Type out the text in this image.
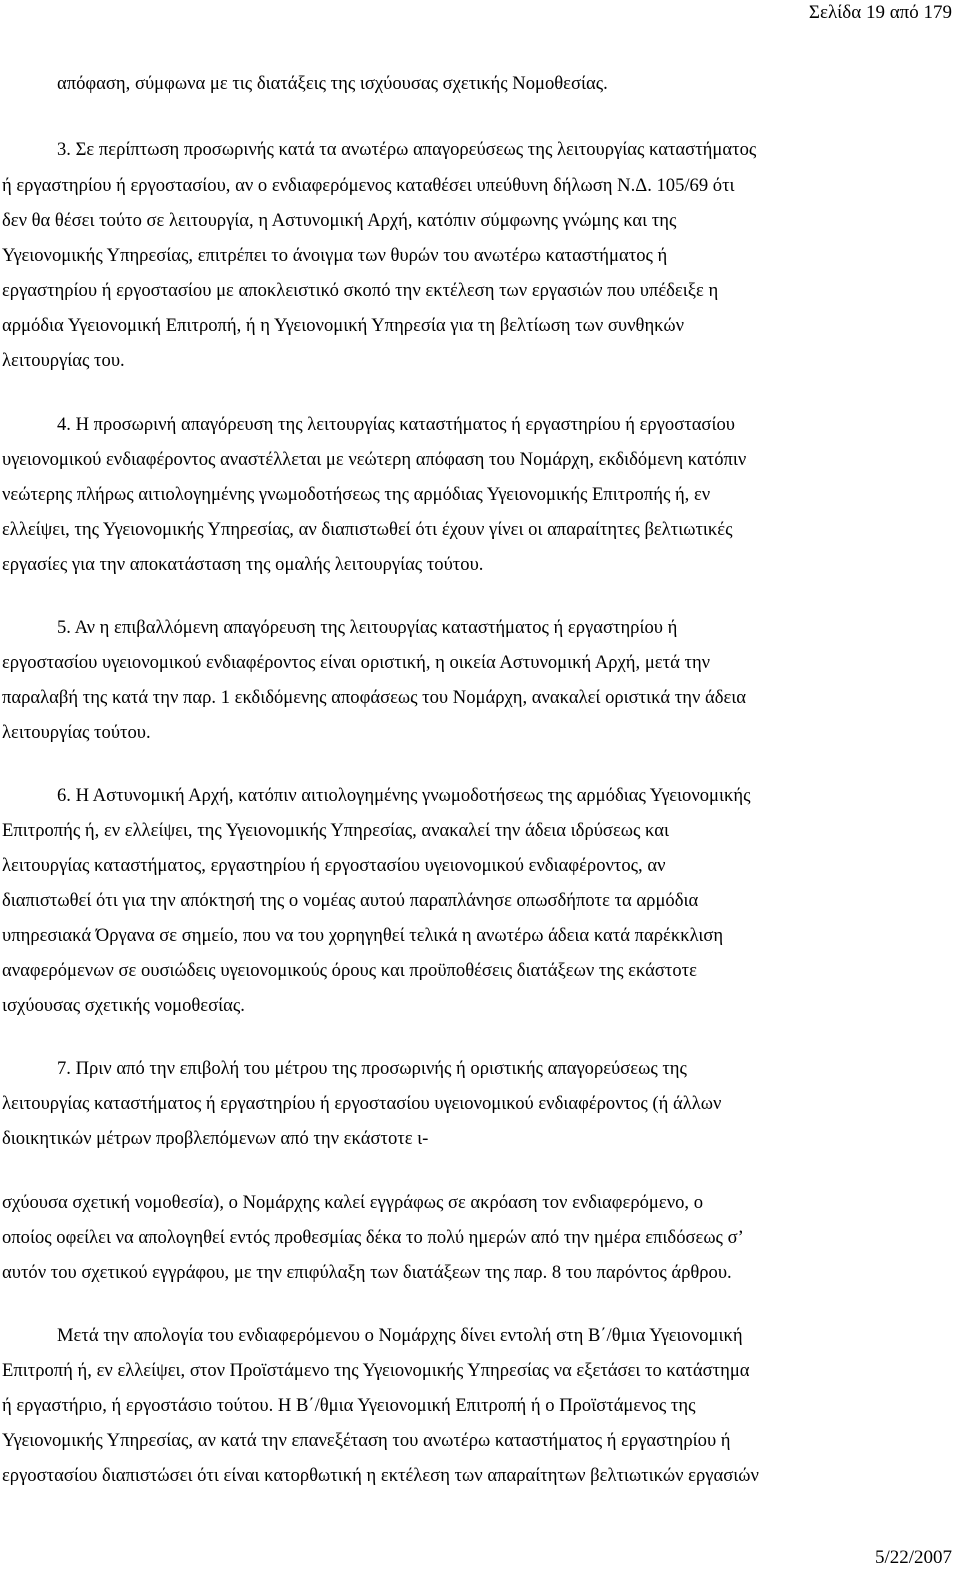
Σελίδα 19 από 179
απόφαση, σύμφωνα με τις διατάξεις της ισχύουσας σχετικής Νομοθεσίας.
3. Σε περίπτωση προσωρινής κατά τα ανωτέρω απαγορεύσεως της λειτουργίας καταστήματος
ή εργαστηρίου ή εργοστασίου, αν ο ενδιαφερόμενος καταθέσει υπεύθυνη δήλωση Ν.Δ. 105/69 ότι
δεν θα θέσει τούτο σε λειτουργία, η Αστυνομική Αρχή, κατόπιν σύμφωνης γνώμης και της
Υγειονομικής Υπηρεσίας, επιτρέπει το άνοιγμα των θυρών του ανωτέρω καταστήματος ή
εργαστηρίου ή εργοστασίου με αποκλειστικό σκοπό την εκτέλεση των εργασιών που υπέδειξε η
αρμόδια Υγειονομική Επιτροπή, ή η Υγειονομική Υπηρεσία για τη βελτίωση των συνθηκών
λειτουργίας του.
4. Η προσωρινή απαγόρευση της λειτουργίας καταστήματος ή εργαστηρίου ή εργοστασίου
υγειονομικού ενδιαφέροντος αναστέλλεται με νεώτερη απόφαση του Νομάρχη, εκδιδόμενη κατόπιν
νεώτερης πλήρως αιτιολογημένης γνωμοδοτήσεως της αρμόδιας Υγειονομικής Επιτροπής ή, εν
ελλείψει, της Υγειονομικής Υπηρεσίας, αν διαπιστωθεί ότι έχουν γίνει οι απαραίτητες βελτιωτικές
εργασίες για την αποκατάσταση της ομαλής λειτουργίας τούτου.
5. Αν η επιβαλλόμενη απαγόρευση της λειτουργίας καταστήματος ή εργαστηρίου ή
εργοστασίου υγειονομικού ενδιαφέροντος είναι οριστική, η οικεία Αστυνομική Αρχή, μετά την
παραλαβή της κατά την παρ. 1 εκδιδόμενης αποφάσεως του Νομάρχη, ανακαλεί οριστικά την άδεια
λειτουργίας τούτου.
6. Η Αστυνομική Αρχή, κατόπιν αιτιολογημένης γνωμοδοτήσεως της αρμόδιας Υγειονομικής
Επιτροπής ή, εν ελλείψει, της Υγειονομικής Υπηρεσίας, ανακαλεί την άδεια ιδρύσεως και
λειτουργίας καταστήματος, εργαστηρίου ή εργοστασίου υγειονομικού ενδιαφέροντος, αν
διαπιστωθεί ότι για την απόκτησή της ο νομέας αυτού παραπλάνησε οπωσδήποτε τα αρμόδια
υπηρεσιακά Όργανα σε σημείο, που να του χορηγηθεί τελικά η ανωτέρω άδεια κατά παρέκκλιση
αναφερόμενων σε ουσιώδεις υγειονομικούς όρους και προϋποθέσεις διατάξεων της εκάστοτε
ισχύουσας σχετικής νομοθεσίας.
7. Πριν από την επιβολή του μέτρου της προσωρινής ή οριστικής απαγορεύσεως της
λειτουργίας καταστήματος ή εργαστηρίου ή εργοστασίου υγειονομικού ενδιαφέροντος (ή άλλων
διοικητικών μέτρων προβλεπόμενων από την εκάστοτε ι-
σχύουσα σχετική νομοθεσία), ο Νομάρχης καλεί εγγράφως σε ακρόαση τον ενδιαφερόμενο, ο
οποίος οφείλει να απολογηθεί εντός προθεσμίας δέκα το πολύ ημερών από την ημέρα επιδόσεως σ’
αυτόν του σχετικού εγγράφου, με την επιφύλαξη των διατάξεων της παρ. 8 του παρόντος άρθρου.
Μετά την απολογία του ενδιαφερόμενου ο Νομάρχης δίνει εντολή στη Β΄/θμια Υγειονομική
Επιτροπή ή, εν ελλείψει, στον Προϊστάμενο της Υγειονομικής Υπηρεσίας να εξετάσει το κατάστημα
ή εργαστήριο, ή εργοστάσιο τούτου. Η Β΄/θμια Υγειονομική Επιτροπή ή ο Προϊστάμενος της
Υγειονομικής Υπηρεσίας, αν κατά την επανεξέταση του ανωτέρω καταστήματος ή εργαστηρίου ή
εργοστασίου διαπιστώσει ότι είναι κατορθωτική η εκτέλεση των απαραίτητων βελτιωτικών εργασιών
5/22/2007
